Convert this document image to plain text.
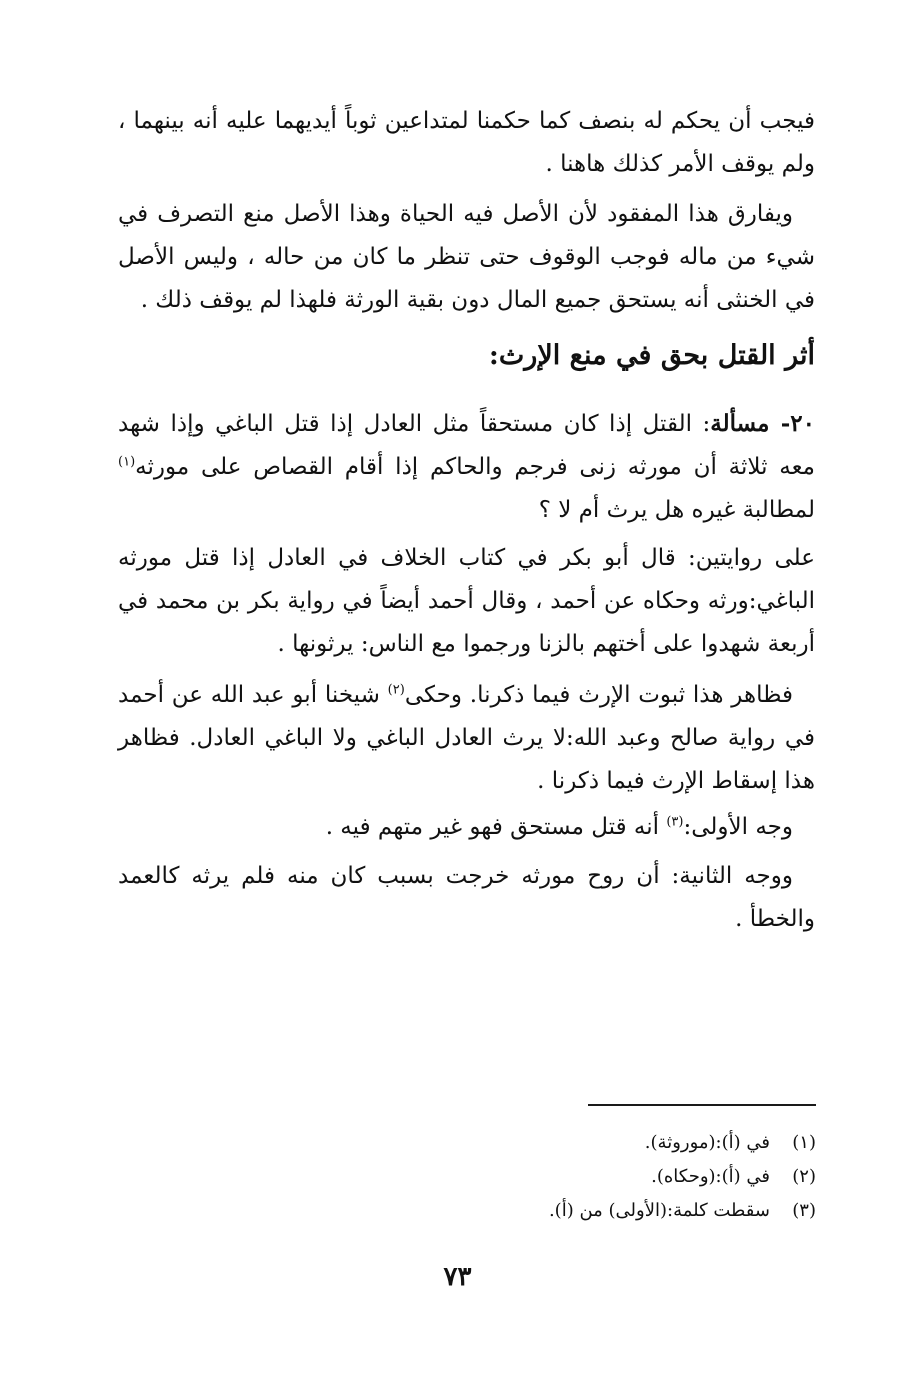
فيجب أن يحكم له بنصف كما حكمنا لمتداعين ثوباً أيديهما عليه أنه بينهما ، ولم يوقف الأمر كذلك هاهنا .

ويفارق هذا المفقود لأن الأصل فيه الحياة وهذا الأصل منع التصرف في شيء من ماله فوجب الوقوف حتى تنظر ما كان من حاله ، وليس الأصل في الخنثى أنه يستحق جميع المال دون بقية الورثة فلهذا لم يوقف ذلك .

أثر القتل بحق في منع الإرث:

٢٠- مسألة: القتل إذا كان مستحقاً مثل العادل إذا قتل الباغي وإذا شهد معه ثلاثة أن مورثه زنى فرجم والحاكم إذا أقام القصاص على مورثه$^{(١)}$ لمطالبة غيره هل يرث أم لا ؟

على روايتين: قال أبو بكر في كتاب الخلاف في العادل إذا قتل مورثه الباغي:ورثه وحكاه عن أحمد ، وقال أحمد أيضاً في رواية بكر بن محمد في أربعة شهدوا على أختهم بالزنا ورجموا مع الناس: يرثونها .

فظاهر هذا ثبوت الإرث فيما ذكرنا. وحكى$^{(٢)}$ شيخنا أبو عبد الله عن أحمد في رواية صالح وعبد الله:لا يرث العادل الباغي ولا الباغي العادل. فظاهر هذا إسقاط الإرث فيما ذكرنا .

وجه الأولى:$^{(٣)}$ أنه قتل مستحق فهو غير متهم فيه .

ووجه الثانية: أن روح مورثه خرجت بسبب كان منه فلم يرثه كالعمد والخطأ .

(١)
في (أ):(موروثة).
(٢)
في (أ):(وحكاه).
(٣)
سقطت كلمة:(الأولى) من (أ).
٧٣
